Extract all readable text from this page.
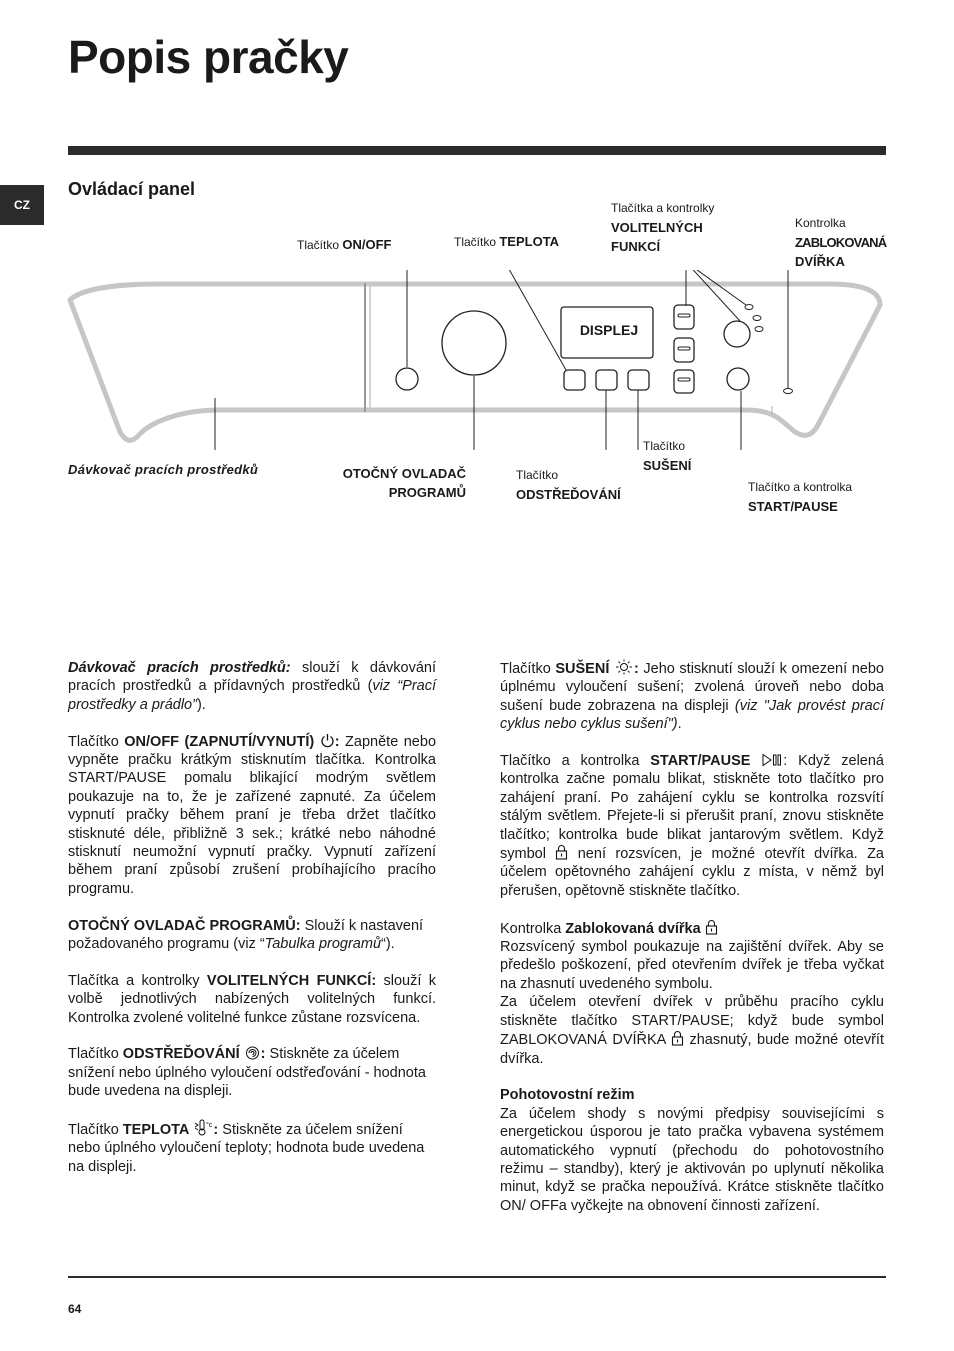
Popis pračky
CZ
Ovládací panel
DISPLEJ
Tlačítko ON/OFF	Tlačítko TEPLOTA
Tlačítka a kontrolky
VOLITELNÝCH
FUNKCÍ
Kontrolka
ZABLOKOVANÁ
DVÍŘKA
Dávkovač pracích prostředků	OTOČNÝ OVLADAČ
PROGRAMŮ
Tlačítko
ODSTŘEĎOVÁNÍ
Tlačítko
SUŠENÍ
Tlačítko a kontrolka
START/PAUSE

Dávkovač pracích prostředků: slouží k dávkování pracích prostředků a přídavných prostředků (viz “Prací prostředky a prádlo”).

Tlačítko ON/OFF (ZAPNUTÍ/VYNUTÍ) : Zapněte nebo vypněte pračku krátkým stisknutím tlačítka. Kontrolka START/PAUSE pomalu blikající modrým světlem poukazuje na to, že je zařízené zapnuté. Za účelem vypnutí pračky během praní je třeba držet tlačítko stisknuté déle, přibližně 3 sek.; krátké nebo náhodné stisknutí neumožní vypnutí pračky. Vypnutí zařízení během praní způsobí zrušení probíhajícího pracího programu.

OTOČNÝ OVLADAČ PROGRAMŮ: Slouží k nastavení požadovaného programu (viz “Tabulka programů“).

Tlačítka a kontrolky VOLITELNÝCH FUNKCÍ: slouží k volbě jednotlivých nabízených volitelných funkcí. Kontrolka zvolené volitelné funkce zůstane rozsvícena.

Tlačítko ODSTŘEĎOVÁNÍ : Stiskněte za účelem snížení nebo úplného vyloučení odstřeďování - hodnota bude uvedena na displeji.

Tlačítko TEPLOTA °c : Stiskněte za účelem snížení nebo úplného vyloučení teploty; hodnota bude uvedena na displeji.

Tlačítko SUŠENÍ : Jeho stisknutí slouží k omezení nebo úplnému vyloučení sušení; zvolená úroveň nebo doba sušení bude zobrazena na displeji (viz "Jak provést prací cyklus nebo cyklus sušení").

Tlačítko a kontrolka START/PAUSE : Když zelená kontrolka začne pomalu blikat, stiskněte toto tlačítko pro zahájení praní. Po zahájení cyklu se kontrolka rozsvítí stálým světlem. Přejete-li si přerušit praní, znovu stiskněte tlačítko; kontrolka bude blikat jantarovým světlem. Když symbol  není rozsvícen, je možné otevřít dvířka. Za účelem opětovného zahájení cyklu z místa, v němž byl přerušen, opětovně stiskněte tlačítko.

Kontrolka Zablokovaná dvířka
Rozsvícený symbol poukazuje na zajištění dvířek. Aby se předešlo poškození, před otevřením dvířek je třeba vyčkat na zhasnutí uvedeného symbolu.
Za účelem otevření dvířek v průběhu pracího cyklu stiskněte tlačítko START/PAUSE; když bude symbol ZABLOKOVANÁ DVÍŘKA  zhasnutý, bude možné otevřít dvířka.

Pohotovostní režim
Za účelem shody s novými předpisy souvisejícími s energetickou úsporou je tato pračka vybavena systémem automatického vypnutí (přechodu do pohotovostního režimu – standby), který je aktivován po uplynutí několika minut, když se pračka nepoužívá. Krátce stiskněte tlačítko ON/ OFFa vyčkejte na obnovení činnosti zařízení.

64
